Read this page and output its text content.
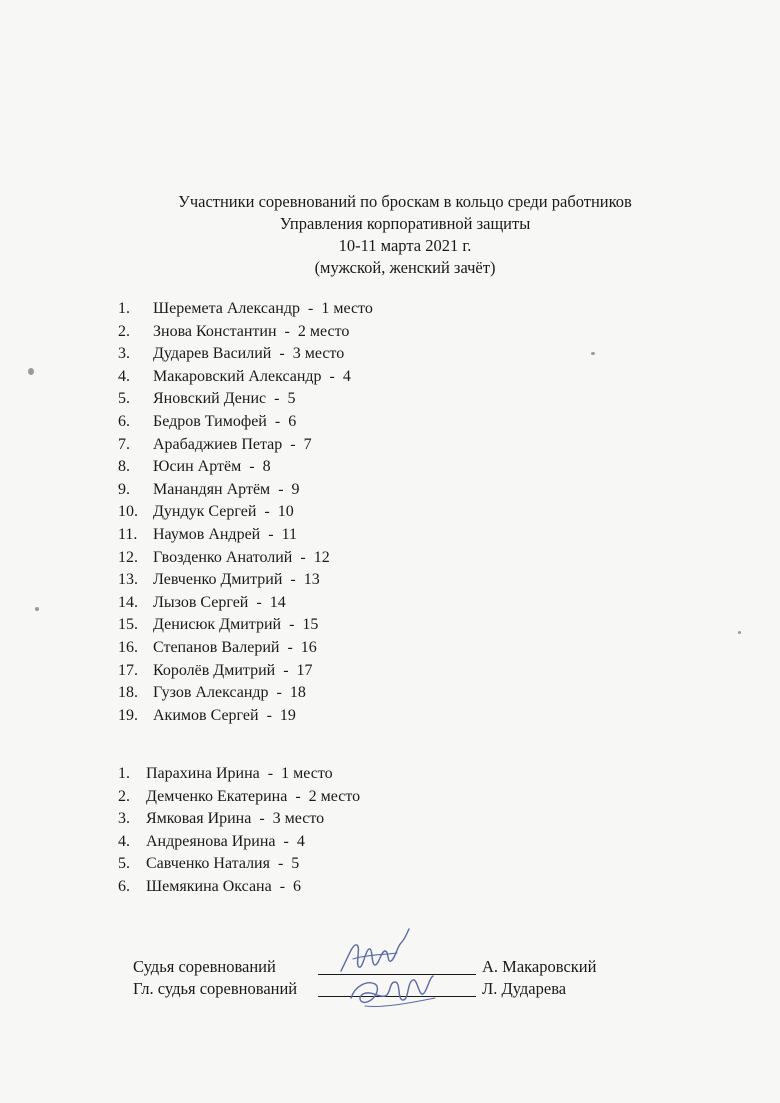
Участники соревнований по броскам в кольцо среди работников
Управления корпоративной защиты
10-11 марта 2021 г.
(мужской, женский зачёт)
1. Шеремета Александр  -  1 место
2. Знова Константин  -  2 место
3. Дударев Василий  -  3 место
4. Макаровский Александр  -  4
5. Яновский Денис  -  5
6. Бедров Тимофей  -  6
7. Арабаджиев Петар  -  7
8. Юсин Артём  -  8
9. Манандян Артём  -  9
10. Дундук Сергей  -  10
11. Наумов Андрей  -  11
12. Гвозденко Анатолий  -  12
13. Левченко Дмитрий  -  13
14. Лызов Сергей  -  14
15. Денисюк Дмитрий  -  15
16. Степанов Валерий  -  16
17. Королёв Дмитрий  -  17
18. Гузов Александр  -  18
19. Акимов Сергей  -  19
1. Парахина Ирина  -  1 место
2. Демченко Екатерина  -  2 место
3. Ямковая Ирина  -  3 место
4. Андреянова Ирина  -  4
5. Савченко Наталия  -  5
6. Шемякина Оксана  -  6
Судья соревнований	А. Макаровский
Гл. судья соревнований	Л. Дударева
